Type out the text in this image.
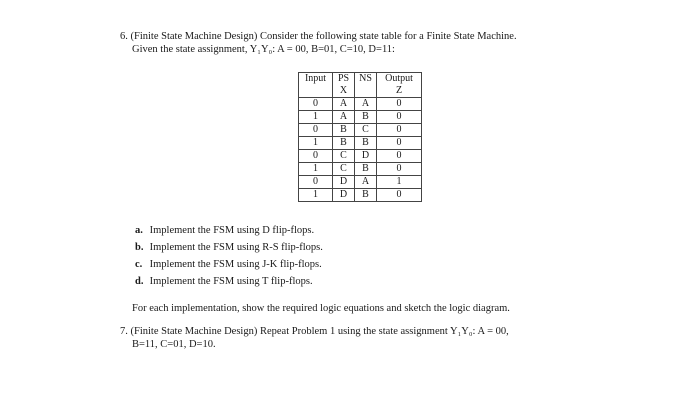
6. (Finite State Machine Design) Consider the following state table for a Finite State Machine.
Given the state assignment, Y₁Y₀: A = 00, B=01, C=10, D=11:
Input	PS	NS	Output
	X		Z
0	A	A	0
1	A	B	0
0	B	C	0
1	B	B	0
0	C	D	0
1	C	B	0
0	D	A	1
1	D	B	0
a. Implement the FSM using D flip-flops.
b. Implement the FSM using R-S flip-flops.
c. Implement the FSM using J-K flip-flops.
d. Implement the FSM using T flip-flops.
For each implementation, show the required logic equations and sketch the logic diagram.
7. (Finite State Machine Design) Repeat Problem 1 using the state assignment Y₁Y₀: A = 00,
B=11, C=01, D=10.
